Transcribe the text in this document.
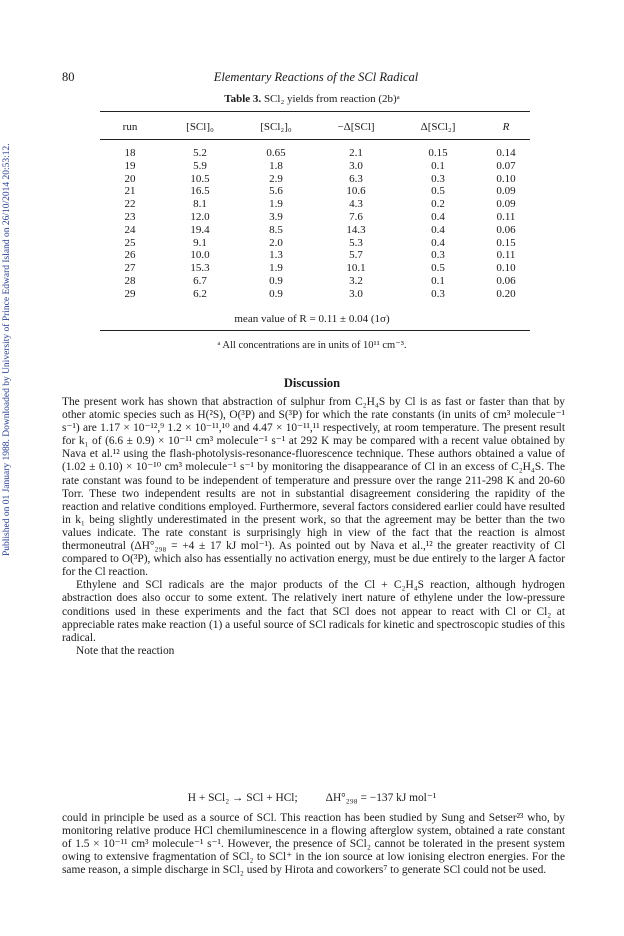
Published on 01 January 1988. Downloaded by University of Prince Edward Island on 26/10/2014 20:53:12.
80	Elementary Reactions of the SCl Radical
Table 3. SCl₂ yields from reaction (2b)ᵃ
run	[SCl]₀	[SCl₂]₀	−Δ[SCl]	Δ[SCl₂]	R
18	5.2	0.65	2.1	0.15	0.14
19	5.9	1.8	3.0	0.1	0.07
20	10.5	2.9	6.3	0.3	0.10
21	16.5	5.6	10.6	0.5	0.09
22	8.1	1.9	4.3	0.2	0.09
23	12.0	3.9	7.6	0.4	0.11
24	19.4	8.5	14.3	0.4	0.06
25	9.1	2.0	5.3	0.4	0.15
26	10.0	1.3	5.7	0.3	0.11
27	15.3	1.9	10.1	0.5	0.10
28	6.7	0.9	3.2	0.1	0.06
29	6.2	0.9	3.0	0.3	0.20
mean value of R = 0.11 ± 0.04 (1σ)
ᵃ All concentrations are in units of 10¹¹ cm⁻³.
Discussion

The present work has shown that abstraction of sulphur from C₂H₄S by Cl is as fast or faster than that by other atomic species such as H(²S), O(³P) and S(³P) for which the rate constants (in units of cm³ molecule⁻¹ s⁻¹) are 1.17 × 10⁻¹²,⁹ 1.2 × 10⁻¹¹,¹⁰ and 4.47 × 10⁻¹¹,¹¹ respectively, at room temperature. The present result for k₁ of (6.6 ± 0.9) × 10⁻¹¹ cm³ molecule⁻¹ s⁻¹ at 292 K may be compared with a recent value obtained by Nava et al.¹² using the flash-photolysis-resonance-fluorescence technique. These authors obtained a value of (1.02 ± 0.10) × 10⁻¹⁰ cm³ molecule⁻¹ s⁻¹ by monitoring the disappearance of Cl in an excess of C₂H₄S. The rate constant was found to be independent of temperature and pressure over the range 211-298 K and 20-60 Torr. These two independent results are not in substantial disagreement considering the rapidity of the reaction and relative conditions employed. Furthermore, several factors considered earlier could have resulted in k₁ being slightly underestimated in the present work, so that the agreement may be better than the two values indicate. The rate constant is surprisingly high in view of the fact that the reaction is almost thermoneutral (ΔH°₂₉₈ = +4 ± 17 kJ mol⁻¹). As pointed out by Nava et al.,¹² the greater reactivity of Cl compared to O(³P), which also has essentially no activation energy, must be due entirely to the larger A factor for the Cl reaction.

Ethylene and SCl radicals are the major products of the Cl + C₂H₄S reaction, although hydrogen abstraction does also occur to some extent. The relatively inert nature of ethylene under the low-pressure conditions used in these experiments and the fact that SCl does not appear to react with Cl or Cl₂ at appreciable rates make reaction (1) a useful source of SCl radicals for kinetic and spectroscopic studies of this radical.

Note that the reaction

H + SCl₂ → SCl + HCl; ΔH°₂₉₈ = −137 kJ mol⁻¹

could in principle be used as a source of SCl. This reaction has been studied by Sung and Setser²³ who, by monitoring relative produce HCl chemiluminescence in a flowing afterglow system, obtained a rate constant of 1.5 × 10⁻¹¹ cm³ molecule⁻¹ s⁻¹. However, the presence of SCl₂ cannot be tolerated in the present system owing to extensive fragmentation of SCl₂ to SCl⁺ in the ion source at low ionising electron energies. For the same reason, a simple discharge in SCl₂ used by Hirota and coworkers⁷ to generate SCl could not be used.
